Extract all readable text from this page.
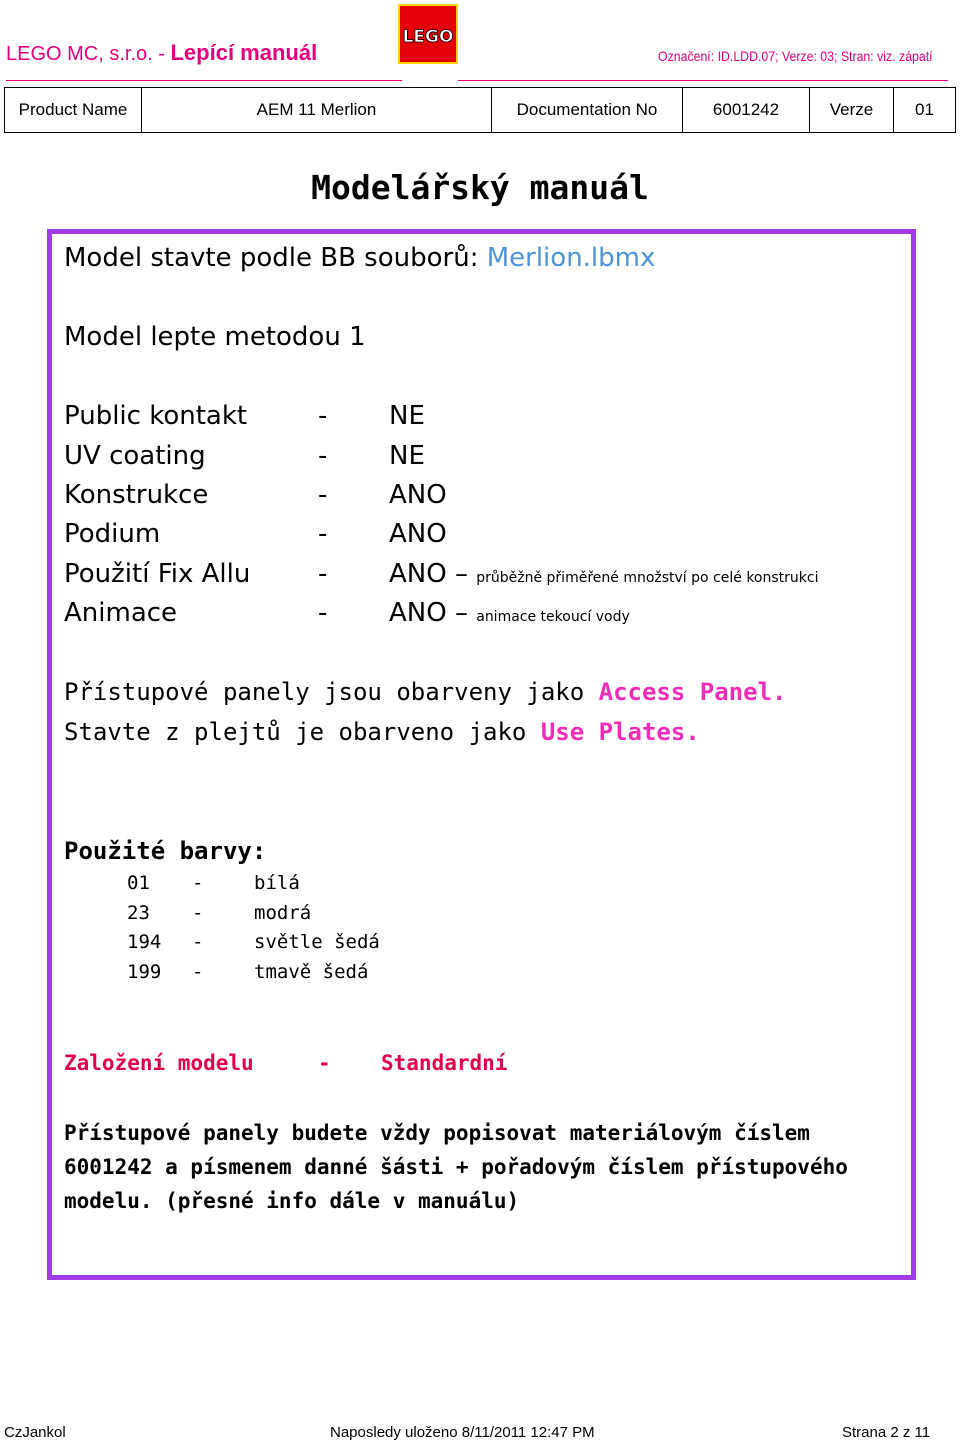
LEGO MC, s.r.o. - Lepící manuál
LEGO
Označení: ID.LDD.07; Verze: 03; Stran: viz. zápatí
Product Name	AEM 11 Merlion	Documentation No	6001242	Verze	01
Modelářský manuál
Model stavte podle BB souborů: Merlion.lbmx
Model lepte metodou 1
Public kontakt	- NE
UV coating	- NE
Konstrukce	- ANO
Podium	- ANO
Použití Fix Allu	- ANO – průběžně přiměřené množství po celé konstrukci
Animace	- ANO – animace tekoucí vody
Přístupové panely jsou obarveny jako Access Panel.
Stavte z plejtů je obarveno jako Use Plates.
Použité barvy:
01 -	bílá
23 -	modrá
194 -	světle šedá
199 -	tmavě šedá
Založení modelu	- Standardní
Přístupové panely budete vždy popisovat materiálovým číslem
6001242 a písmenem danné šásti + pořadovým číslem přístupového
modelu. (přesné info dále v manuálu)
CzJankol	Naposledy uloženo 8/11/2011 12:47 PM	Strana 2 z 11
